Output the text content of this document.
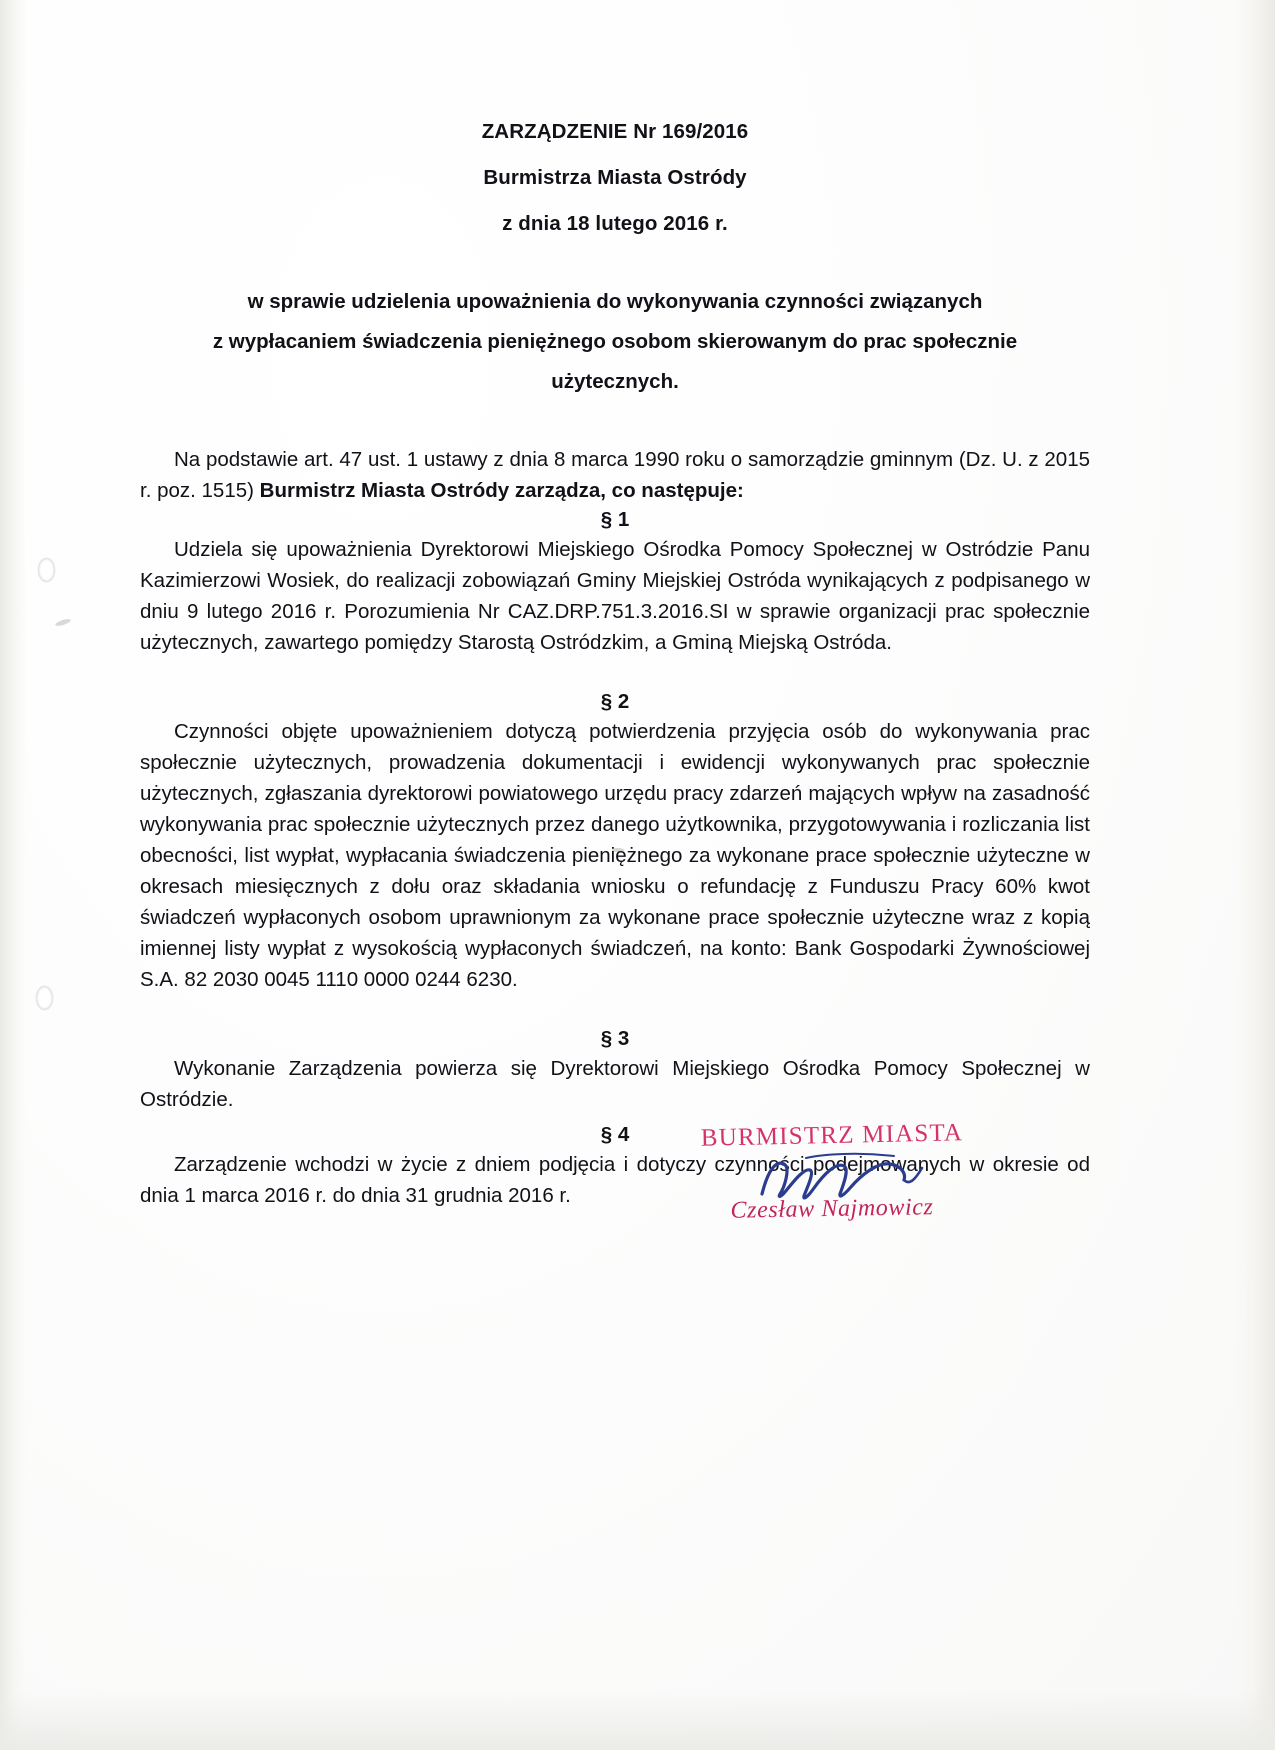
ZARZĄDZENIE Nr 169/2016
Burmistrza Miasta Ostródy
z dnia 18 lutego 2016 r.
w sprawie udzielenia upoważnienia do wykonywania czynności związanych
z wypłacaniem świadczenia pieniężnego osobom skierowanym do prac społecznie
użytecznych.

Na podstawie art. 47 ust. 1 ustawy z dnia 8 marca 1990 roku o samorządzie gminnym (Dz. U. z 2015 r. poz. 1515) Burmistrz Miasta Ostródy zarządza, co następuje:

§ 1

Udziela się upoważnienia Dyrektorowi Miejskiego Ośrodka Pomocy Społecznej w Ostródzie Panu Kazimierzowi Wosiek, do realizacji zobowiązań Gminy Miejskiej Ostróda wynikających z podpisanego w dniu 9 lutego 2016 r. Porozumienia Nr CAZ.DRP.751.3.2016.SI w sprawie organizacji prac społecznie użytecznych, zawartego pomiędzy Starostą Ostródzkim, a Gminą Miejską Ostróda.

§ 2

Czynności objęte upoważnieniem dotyczą potwierdzenia przyjęcia osób do wykonywania prac społecznie użytecznych, prowadzenia dokumentacji i ewidencji wykonywanych prac społecznie użytecznych, zgłaszania dyrektorowi powiatowego urzędu pracy zdarzeń mających wpływ na zasadność wykonywania prac społecznie użytecznych przez danego użytkownika, przygotowywania i rozliczania list obecności, list wypłat, wypłacania świadczenia pieniężnego za wykonane prace społecznie użyteczne w okresach miesięcznych z dołu oraz składania wniosku o refundację z Funduszu Pracy 60% kwot świadczeń wypłaconych osobom uprawnionym za wykonane prace społecznie użyteczne wraz z kopią imiennej listy wypłat z wysokością wypłaconych świadczeń, na konto: Bank Gospodarki Żywnościowej S.A. 82 2030 0045 1110 0000 0244 6230.

§ 3

Wykonanie Zarządzenia powierza się Dyrektorowi Miejskiego Ośrodka Pomocy Społecznej w Ostródzie.

§ 4

Zarządzenie wchodzi w życie z dniem podjęcia i dotyczy czynności podejmowanych w okresie od dnia 1 marca 2016 r. do dnia 31 grudnia 2016 r.

BURMISTRZ MIASTA
Czesław Najmowicz
